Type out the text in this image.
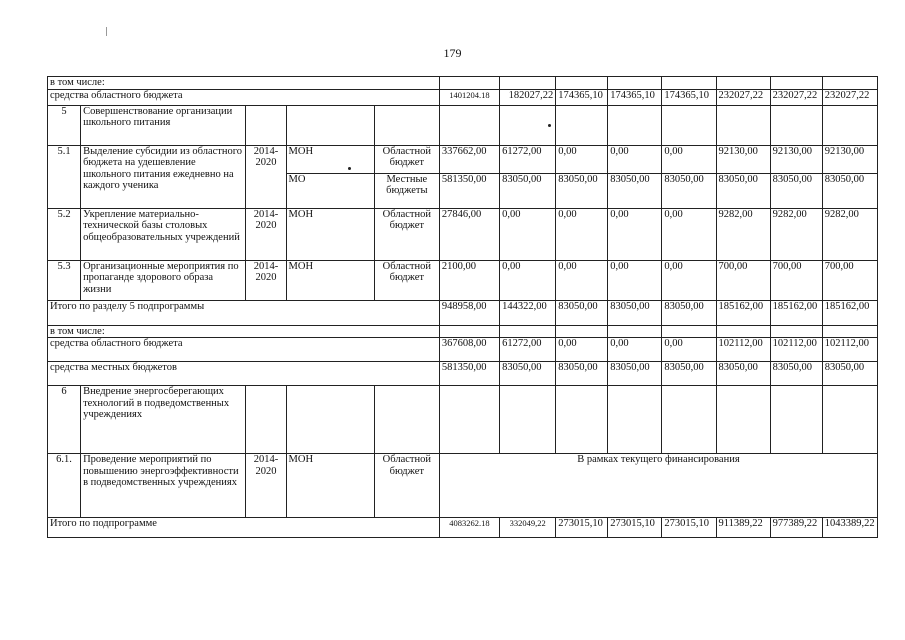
179
в том числе:												
средства областного бюджета					1401204.18	182027,22	174365,10	174365,10	174365,10	232027,22	232027,22	232027,22
5	Совершенствование организации школьного питания											
5.1	Выделение субсидии из областного бюджета на удешевление школьного питания ежедневно на каждого ученика	2014-2020	МОН	Областной бюджет	337662,00	61272,00	0,00	0,00	0,00	92130,00	92130,00	92130,00
			МО	Местные бюджеты	581350,00	83050,00	83050,00	83050,00	83050,00	83050,00	83050,00	83050,00
5.2	Укрепление материально-технической базы столовых общеобразовательных учреждений	2014-2020	МОН	Областной бюджет	27846,00	0,00	0,00	0,00	0,00	9282,00	9282,00	9282,00
5.3	Организационные мероприятия по пропаганде здорового образа жизни	2014-2020	МОН	Областной бюджет	2100,00	0,00	0,00	0,00	0,00	700,00	700,00	700,00
Итого по разделу 5 подпрограммы					948958,00	144322,00	83050,00	83050,00	83050,00	185162,00	185162,00	185162,00
в том числе:												
средства областного бюджета					367608,00	61272,00	0,00	0,00	0,00	102112,00	102112,00	102112,00
средства местных бюджетов					581350,00	83050,00	83050,00	83050,00	83050,00	83050,00	83050,00	83050,00
6	Внедрение энергосберегающих технологий в подведомственных учреждениях											
6.1.	Проведение мероприятий по повышению энергоэффективности в подведомственных учреждениях	2014-2020	МОН	Областной бюджет	В рамках текущего финансирования							
Итого по подпрограмме					4083262.18	332049,22	273015,10	273015,10	273015,10	911389,22	977389,22	1043389,22
